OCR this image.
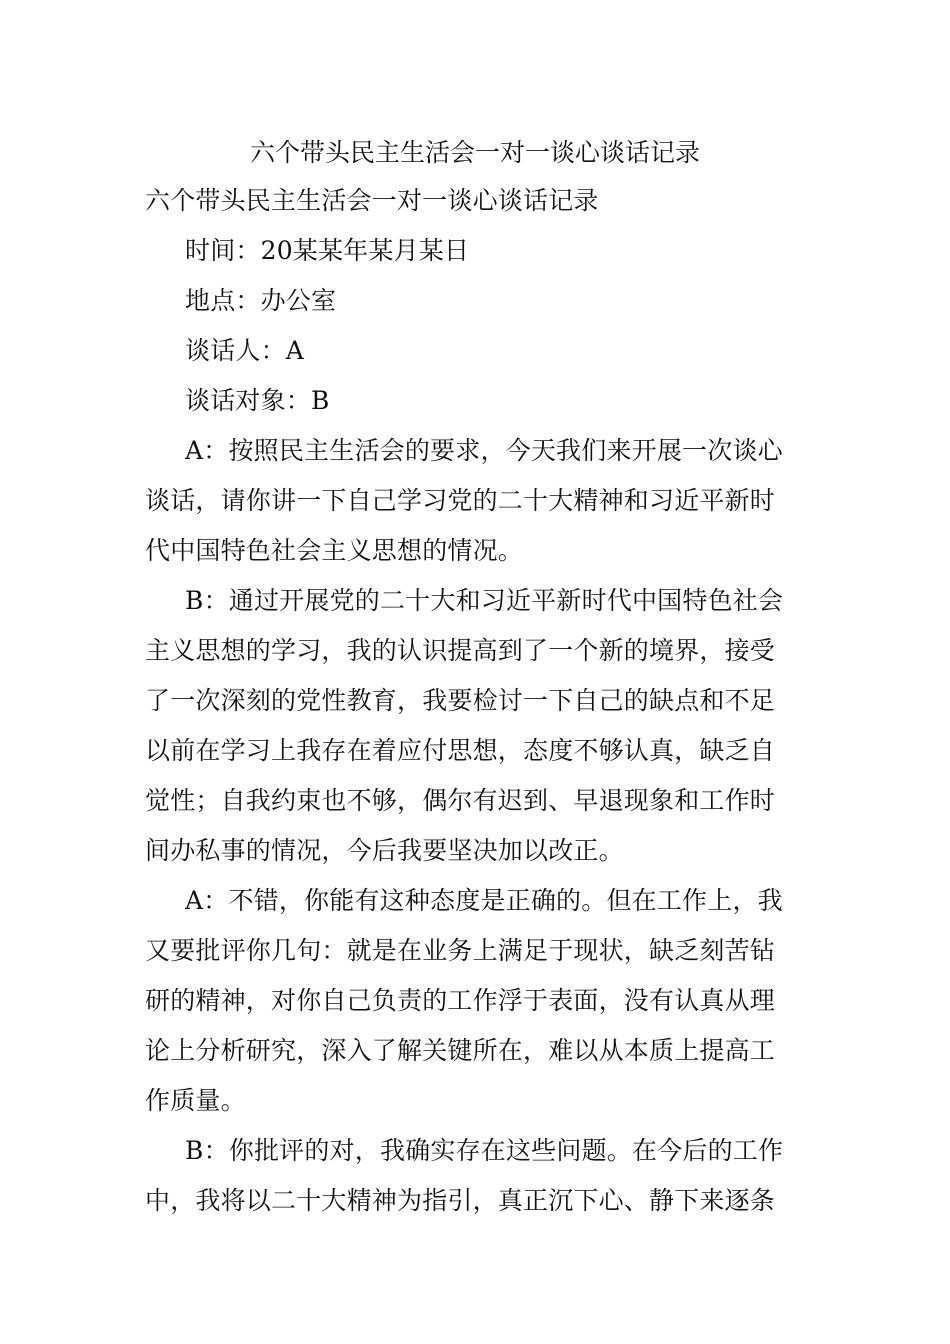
六个带头民主生活会一对一谈心谈话记录
六个带头民主生活会一对一谈心谈话记录
时间：20某某年某月某日
地点：办公室
谈话人：A
谈话对象：B
A：按照民主生活会的要求，今天我们来开展一次谈心
谈话，请你讲一下自己学习党的二十大精神和习近平新时
代中国特色社会主义思想的情况。
B：通过开展党的二十大和习近平新时代中国特色社会
主义思想的学习，我的认识提高到了一个新的境界，接受
了一次深刻的党性教育，我要检讨一下自己的缺点和不足
以前在学习上我存在着应付思想，态度不够认真，缺乏自
觉性；自我约束也不够，偶尔有迟到、早退现象和工作时
间办私事的情况，今后我要坚决加以改正。
A：不错，你能有这种态度是正确的。但在工作上，我
又要批评你几句：就是在业务上满足于现状，缺乏刻苦钻
研的精神，对你自己负责的工作浮于表面，没有认真从理
论上分析研究，深入了解关键所在，难以从本质上提高工
作质量。
B：你批评的对，我确实存在这些问题。在今后的工作
中，我将以二十大精神为指引，真正沉下心、静下来逐条
